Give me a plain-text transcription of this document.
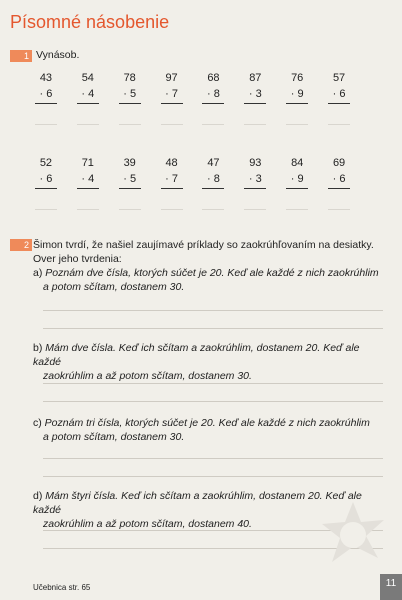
Písomné násobenie
1 Vynásob.

43
· 6
54
· 4
78
· 5
97
· 7
68
· 8
87
· 3
76
· 9
57
· 6
52
· 6
71
· 4
39
· 5
48
· 7
47
· 8
93
· 3
84
· 9
69
· 6
2 Šimon tvrdí, že našiel zaujímavé príklady so zaokrúhľovaním na desiatky.
Over jeho tvrdenia:
a) Poznám dve čísla, ktorých súčet je 20. Keď ale každé z nich zaokrúhlim
a potom sčítam, dostanem 30.
b) Mám dve čísla. Keď ich sčítam a zaokrúhlim, dostanem 20. Keď ale každé
zaokrúhlim a až potom sčítam, dostanem 30.
c) Poznám tri čísla, ktorých súčet je 20. Keď ale každé z nich zaokrúhlim
a potom sčítam, dostanem 30.
d) Mám štyri čísla. Keď ich sčítam a zaokrúhlim, dostanem 20. Keď ale každé
zaokrúhlim a až potom sčítam, dostanem 40.
Učebnica str. 65	11
